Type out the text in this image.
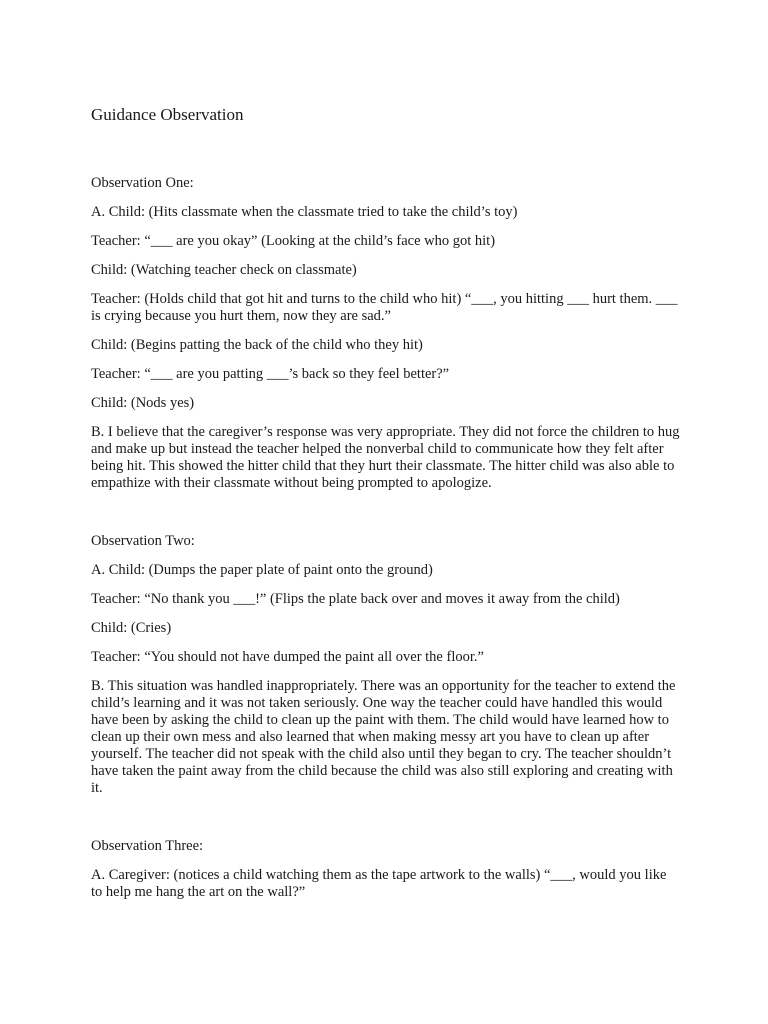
Guidance Observation

Observation One:

A. Child: (Hits classmate when the classmate tried to take the child’s toy)

Teacher: “___ are you okay” (Looking at the child’s face who got hit)

Child: (Watching teacher check on classmate)

Teacher: (Holds child that got hit and turns to the child who hit) “___, you hitting ___ hurt them. ___ is crying because you hurt them, now they are sad.”

Child: (Begins patting the back of the child who they hit)

Teacher: “___ are you patting ___’s back so they feel better?”

Child: (Nods yes)

B. I believe that the caregiver’s response was very appropriate. They did not force the children to hug and make up but instead the teacher helped the nonverbal child to communicate how they felt after being hit. This showed the hitter child that they hurt their classmate. The hitter child was also able to empathize with their classmate without being prompted to apologize.

Observation Two:

A. Child: (Dumps the paper plate of paint onto the ground)

Teacher: “No thank you ___!” (Flips the plate back over and moves it away from the child)

Child: (Cries)

Teacher: “You should not have dumped the paint all over the floor.”

B. This situation was handled inappropriately. There was an opportunity for the teacher to extend the child’s learning and it was not taken seriously. One way the teacher could have handled this would have been by asking the child to clean up the paint with them. The child would have learned how to clean up their own mess and also learned that when making messy art you have to clean up after yourself. The teacher did not speak with the child also until they began to cry. The teacher shouldn’t have taken the paint away from the child because the child was also still exploring and creating with it.

Observation Three:

A. Caregiver: (notices a child watching them as the tape artwork to the walls) “___, would you like to help me hang the art on the wall?”
